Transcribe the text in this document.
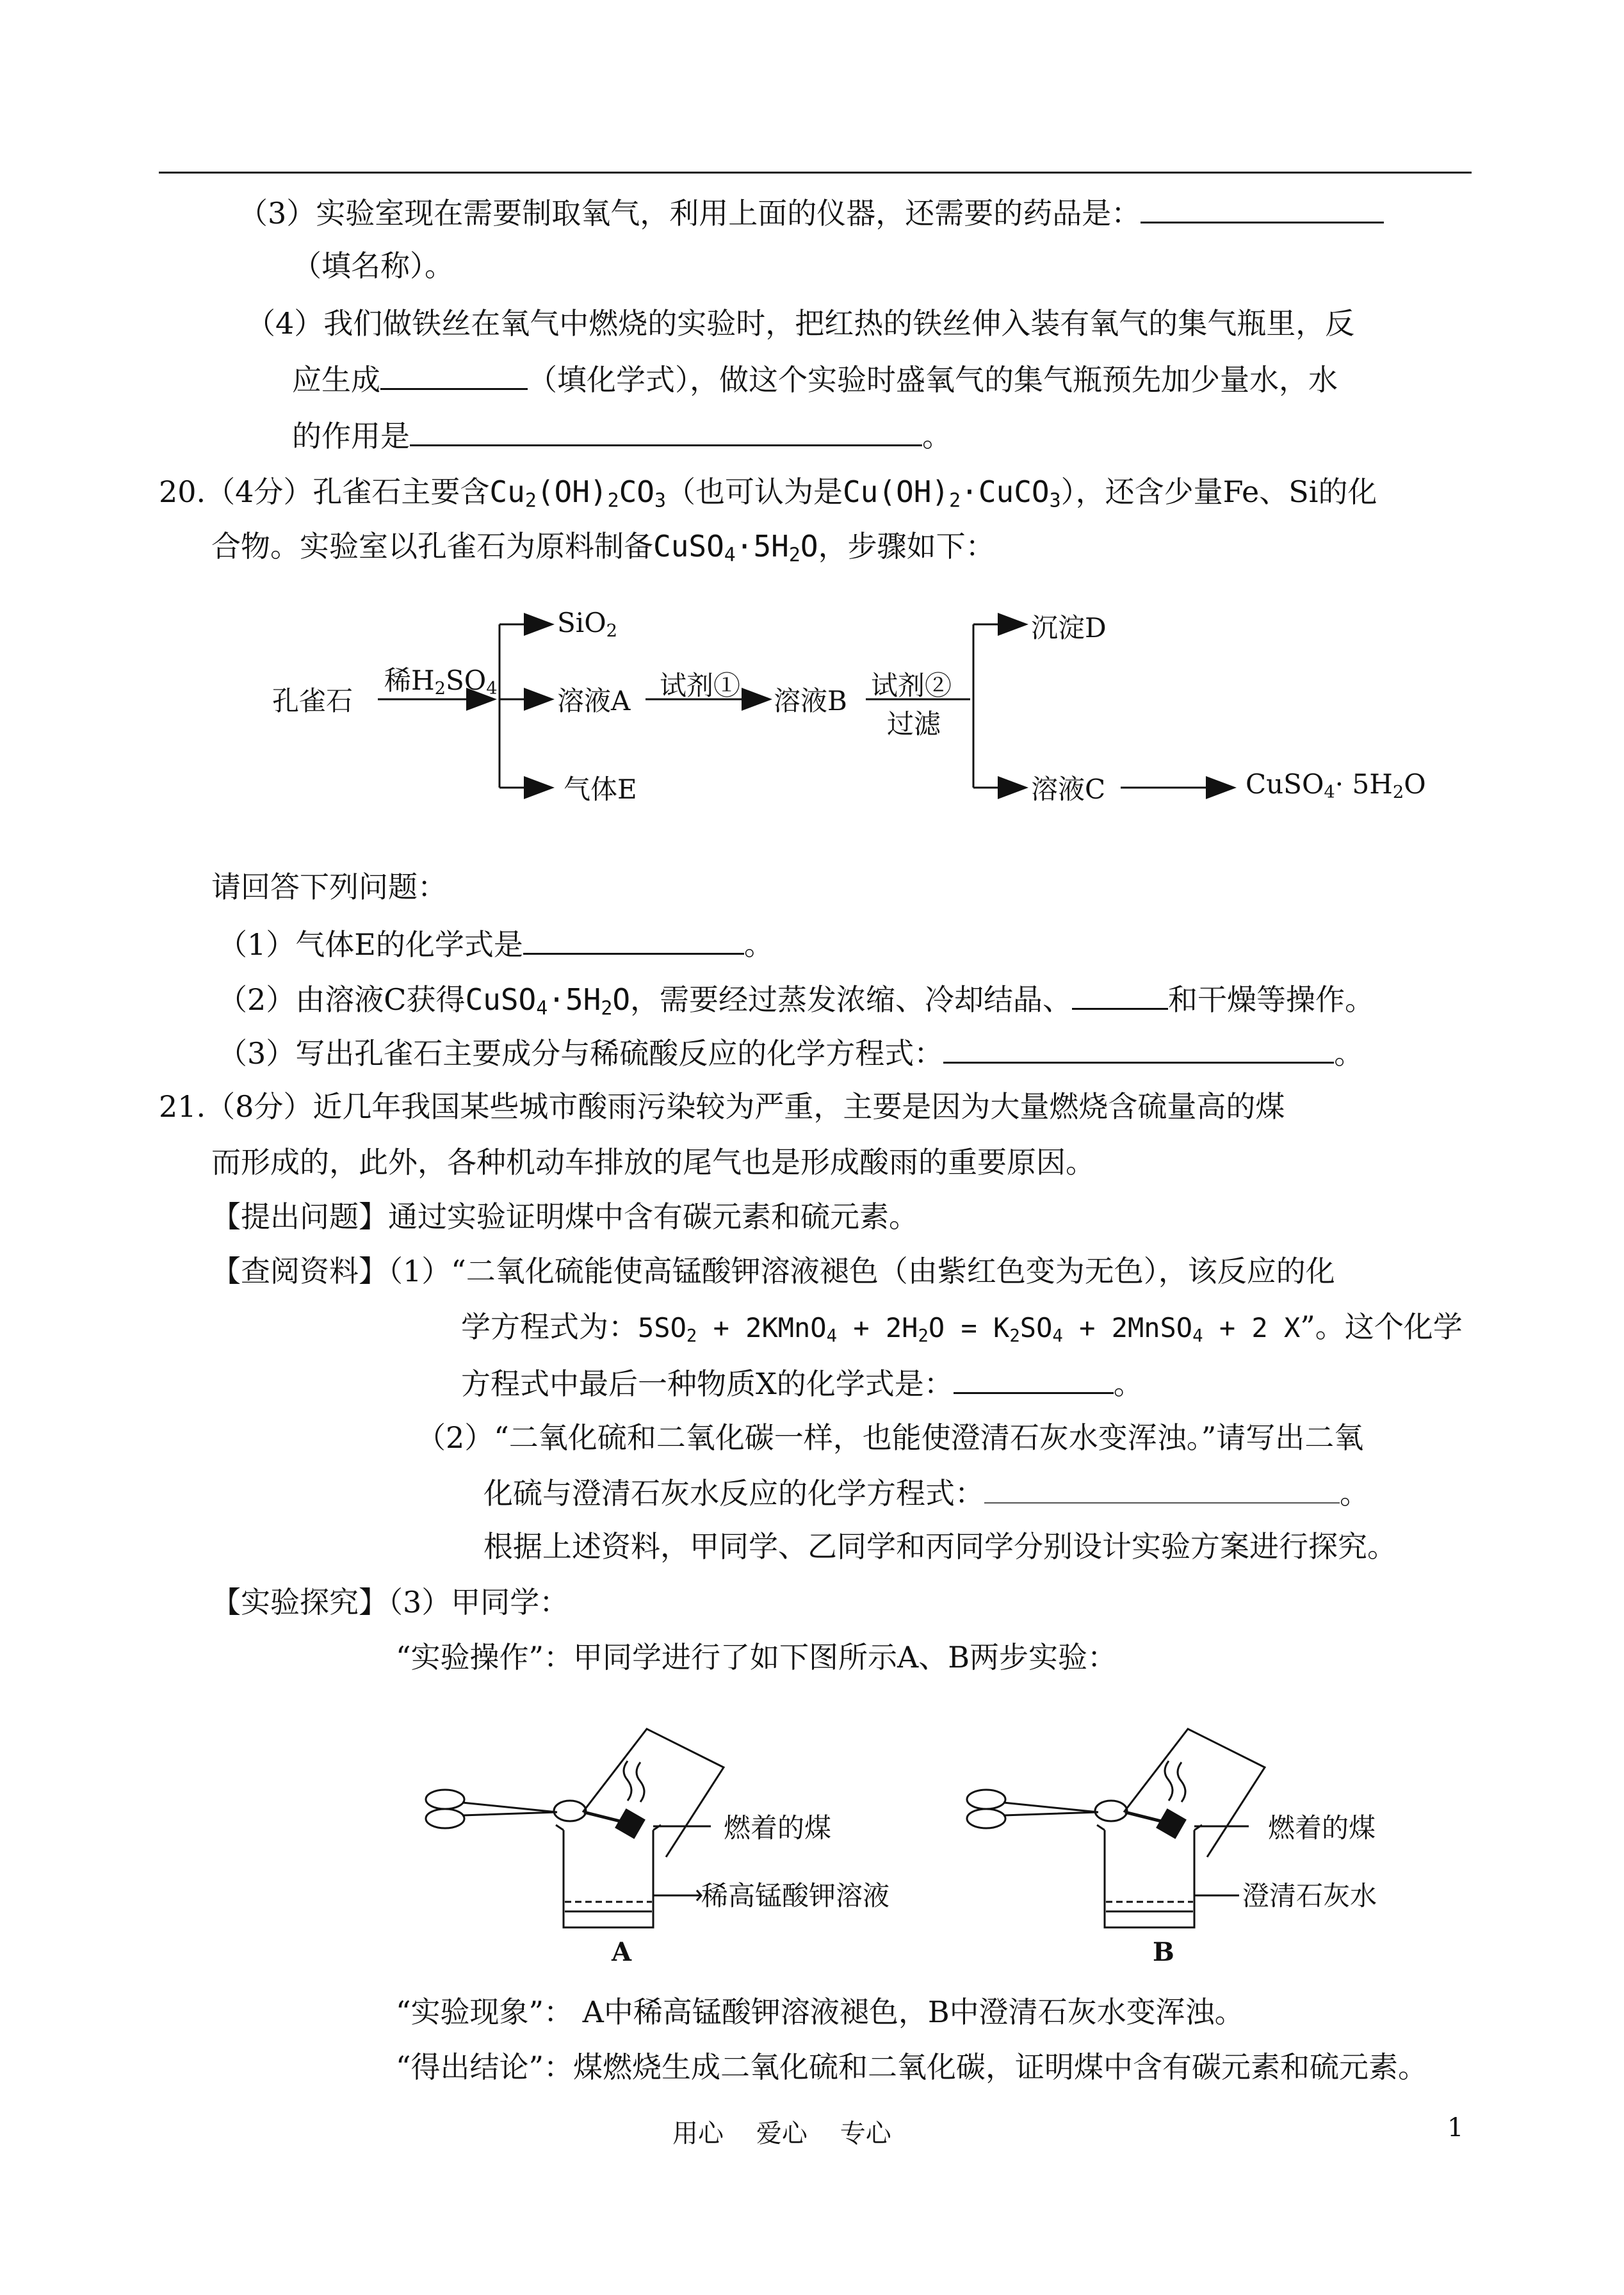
（3）实验室现在需要制取氧气，利用上面的仪器，还需要的药品是：
（填名称）。
（4）我们做铁丝在氧气中燃烧的实验时，把红热的铁丝伸入装有氧气的集气瓶里，反
应生成	（填化学式），做这个实验时盛氧气的集气瓶预先加少量水，水
的作用是	。
20.（4分）孔雀石主要含$Cu_2(OH)_2CO_3$（也可认为是$Cu(OH)_2\cdot CuCO_3$），还含少量Fe、Si的化
合物。实验室以孔雀石为原料制备$CuSO_4\cdot 5H_2O$，步骤如下：
孔雀石
稀$H_2SO_4$
SiO$_2$
溶液A
气体E
试剂① 溶液B 试剂②
过滤
沉淀D
溶液C	CuSO$_4$· $5H_2O$
请回答下列问题：
（1）气体E的化学式是	。
（2）由溶液C获得$CuSO_4\cdot 5H_2O$，需要经过蒸发浓缩、冷却结晶、	和干燥等操作。
（3）写出孔雀石主要成分与稀硫酸反应的化学方程式：	。
21.（8分）近几年我国某些城市酸雨污染较为严重，主要是因为大量燃烧含硫量高的煤
而形成的，此外，各种机动车排放的尾气也是形成酸雨的重要原因。
【提出问题】通过实验证明煤中含有碳元素和硫元素。
【查阅资料】（1）“二氧化硫能使高锰酸钾溶液褪色（由紫红色变为无色），该反应的化
学方程式为：$5SO_2$ + 2KMnO$_4$ + $2H_2O = K_2SO_4$ + 2MnSO$_4$ + 2 X”。这个化学
方程式中最后一种物质X的化学式是：	。
（2）“二氧化硫和二氧化碳一样，也能使澄清石灰水变浑浊。”请写出二氧
化硫与澄清石灰水反应的化学方程式：	。
根据上述资料，甲同学、乙同学和丙同学分别设计实验方案进行探究。
【实验探究】（3）甲同学：
“实验操作”：甲同学进行了如下图所示A、B两步实验：
燃着的煤
稀高锰酸钾溶液
A
燃着的煤
澄清石灰水
B
“实验现象”： A中稀高锰酸钾溶液褪色，B中澄清石灰水变浑浊。
“得出结论”：煤燃烧生成二氧化硫和二氧化碳，证明煤中含有碳元素和硫元素。
用心    爱心    专心	1
